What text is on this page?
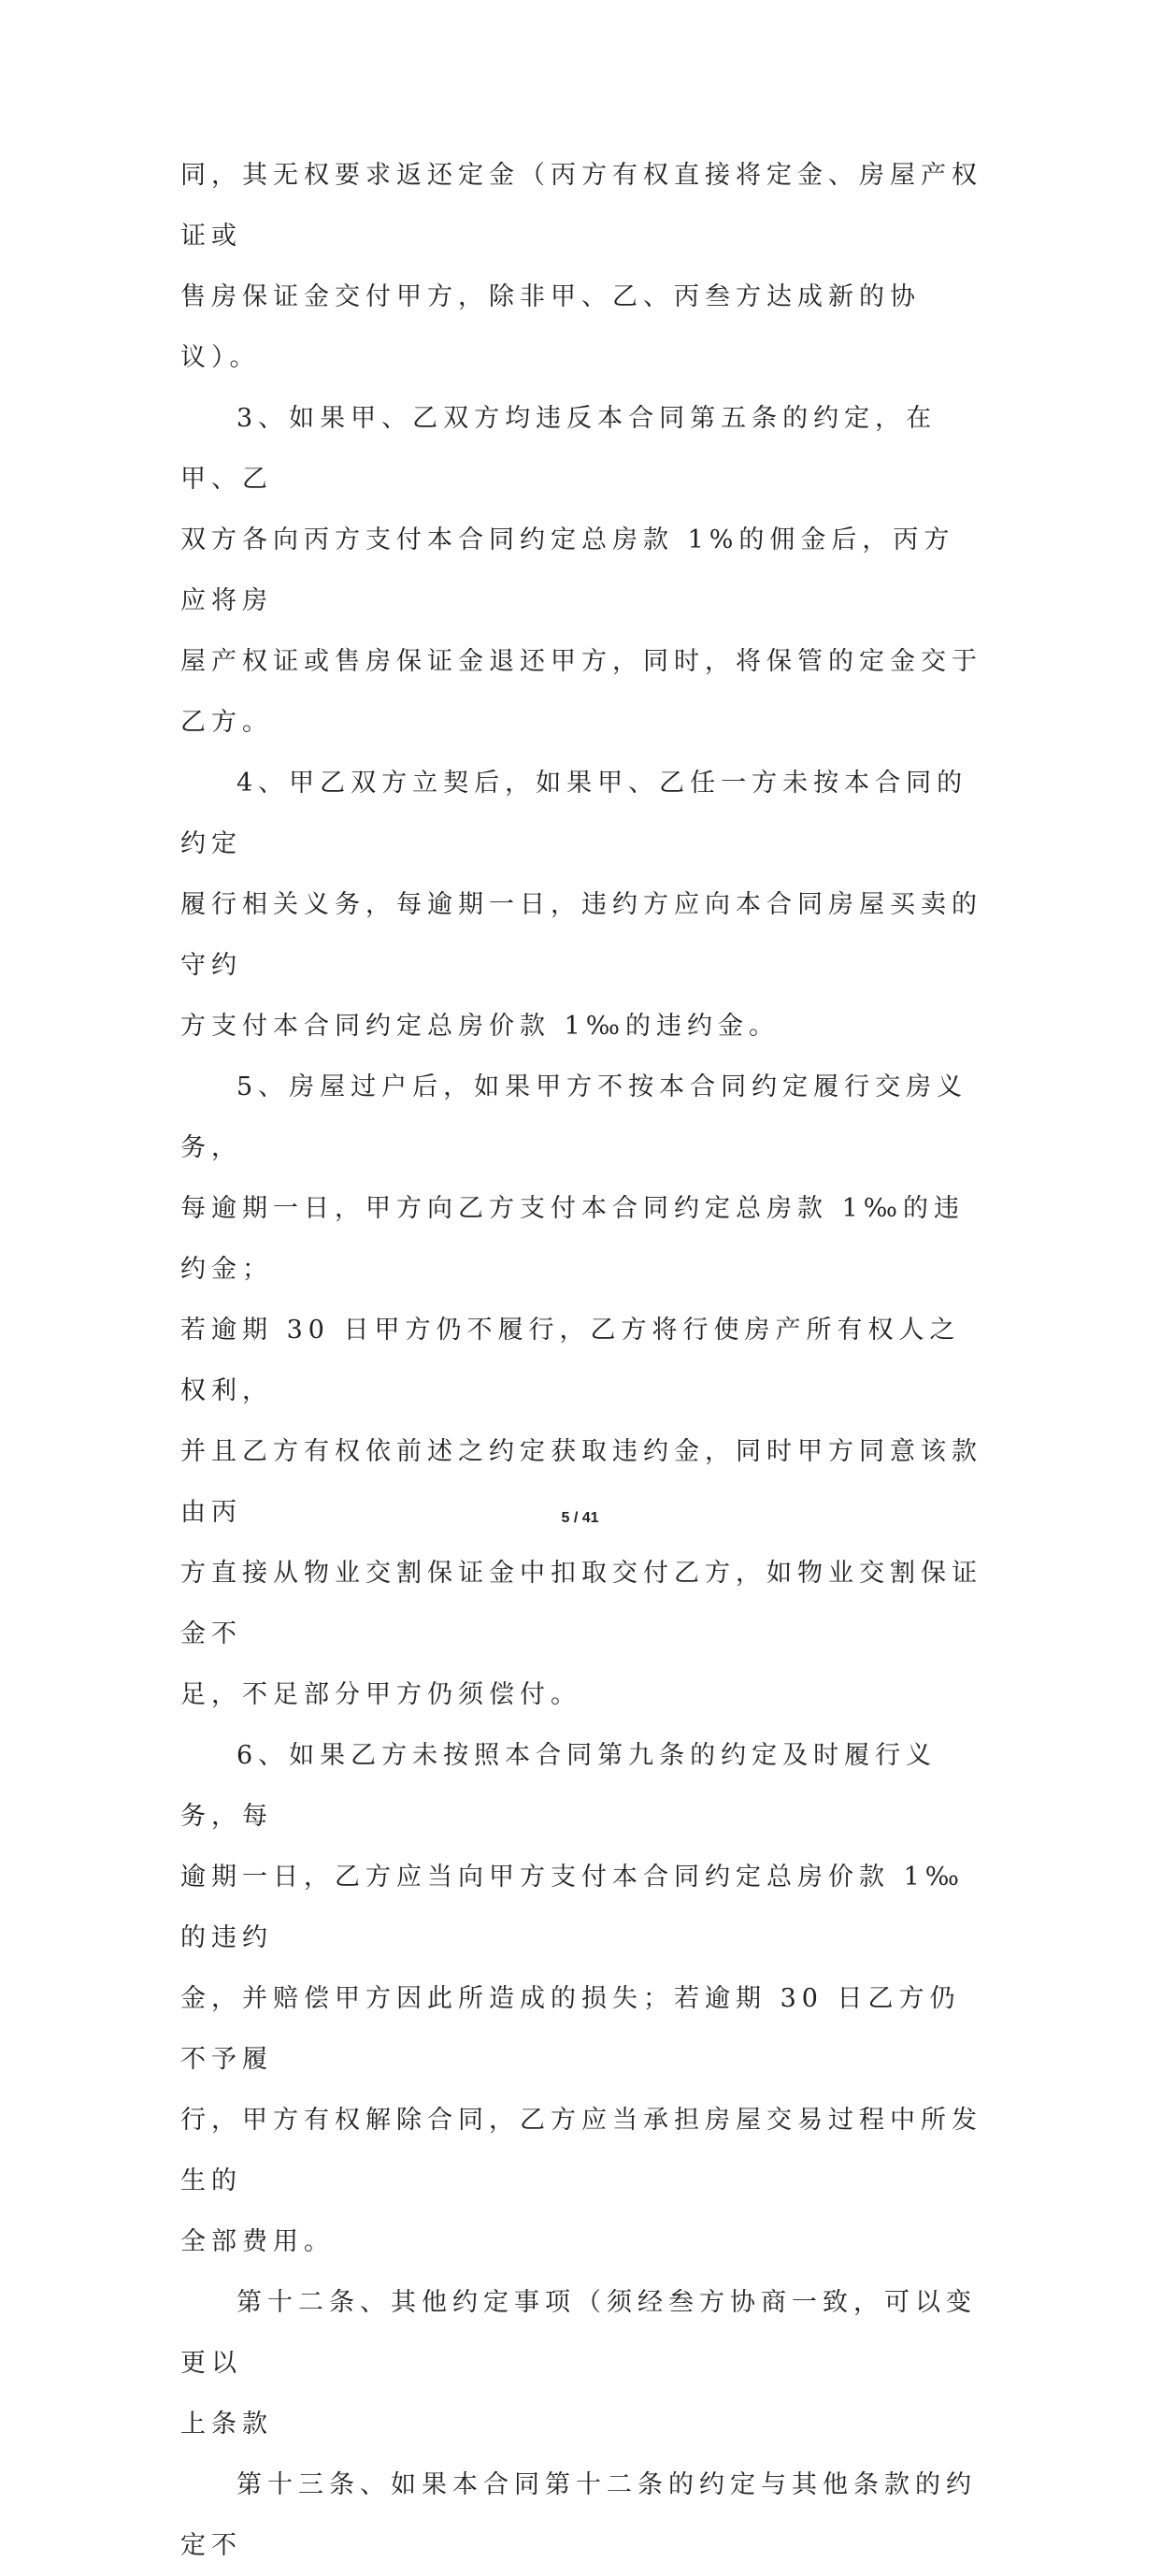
同，其无权要求返还定金（丙方有权直接将定金、房屋产权证或
售房保证金交付甲方，除非甲、乙、丙叁方达成新的协议）。

3、如果甲、乙双方均违反本合同第五条的约定，在甲、乙
双方各向丙方支付本合同约定总房款 1%的佣金后，丙方应将房
屋产权证或售房保证金退还甲方，同时，将保管的定金交于乙方。

4、甲乙双方立契后，如果甲、乙任一方未按本合同的 约定
履行相关义务，每逾期一日，违约方应向本合同房屋买卖的守约
方支付本合同约定总房价款 1‰的违约金。

5、房屋过户后，如果甲方不按本合同约定履行交房义务，
每逾期一日，甲方向乙方支付本合同约定总房款 1‰的违约金；
若逾期 30 日甲方仍不履行，乙方将行使房产所有权人之权利，
并且乙方有权依前述之约定获取违约金，同时甲方同意该款由丙
方直接从物业交割保证金中扣取交付乙方，如物业交割保证金不
足，不足部分甲方仍须偿付。

6、如果乙方未按照本合同第九条的约定及时履行义务，每
逾期一日，乙方应当向甲方支付本合同约定总房价款 1‰的违约
金，并赔偿甲方因此所造成的损失；若逾期 30 日乙方仍不予履
行，甲方有权解除合同，乙方应当承担房屋交易过程中所发生的
全部费用。

第十二条、其他约定事项（须经叁方协商一致，可以变更以
上条款

第十三条、如果本合同第十二条的约定与其他条款的约定不

5 / 41
